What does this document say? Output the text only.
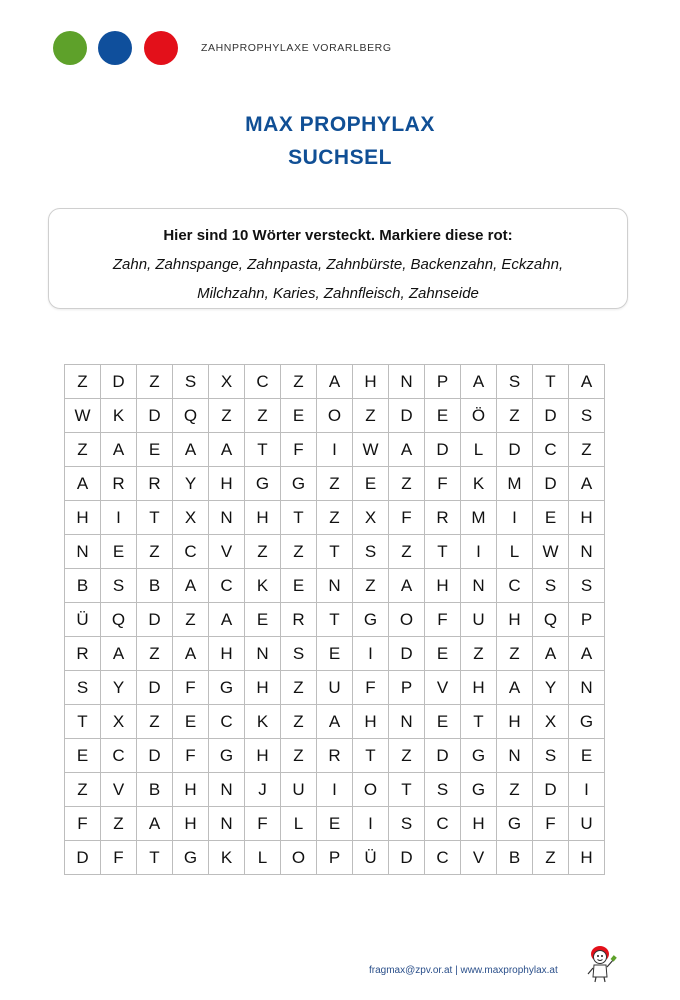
ZAHNPROPHYLAXE VORARLBERG
MAX PROPHYLAX
SUCHSEL
Hier sind 10 Wörter versteckt. Markiere diese rot:
Zahn, Zahnspange, Zahnpasta, Zahnbürste, Backenzahn, Eckzahn,
Milchzahn, Karies, Zahnfleisch, Zahnseide
Z	D	Z	S	X	C	Z	A	H	N	P	A	S	T	A
W	K	D	Q	Z	Z	E	O	Z	D	E	Ö	Z	D	S
Z	A	E	A	A	T	F	I	W	A	D	L	D	C	Z
A	R	R	Y	H	G	G	Z	E	Z	F	K	M	D	A
H	I	T	X	N	H	T	Z	X	F	R	M	I	E	H
N	E	Z	C	V	Z	Z	T	S	Z	T	I	L	W	N
B	S	B	A	C	K	E	N	Z	A	H	N	C	S	S
Ü	Q	D	Z	A	E	R	T	G	O	F	U	H	Q	P
R	A	Z	A	H	N	S	E	I	D	E	Z	Z	A	A
S	Y	D	F	G	H	Z	U	F	P	V	H	A	Y	N
T	X	Z	E	C	K	Z	A	H	N	E	T	H	X	G
E	C	D	F	G	H	Z	R	T	Z	D	G	N	S	E
Z	V	B	H	N	J	U	I	O	T	S	G	Z	D	I
F	Z	A	H	N	F	L	E	I	S	C	H	G	F	U
D	F	T	G	K	L	O	P	Ü	D	C	V	B	Z	H
fragmax@zpv.or.at | www.maxprophylax.at
